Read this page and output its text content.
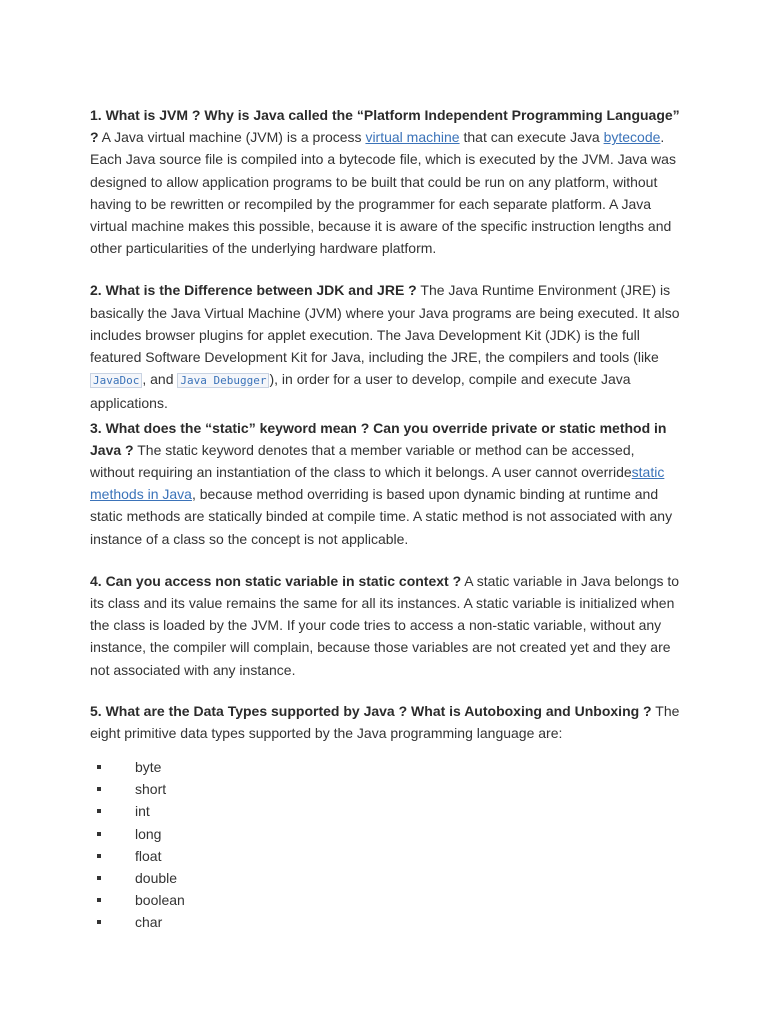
1. What is JVM ? Why is Java called the “Platform Independent Programming Language” ? A Java virtual machine (JVM) is a process virtual machine that can execute Java bytecode. Each Java source file is compiled into a bytecode file, which is executed by the JVM. Java was designed to allow application programs to be built that could be run on any platform, without having to be rewritten or recompiled by the programmer for each separate platform. A Java virtual machine makes this possible, because it is aware of the specific instruction lengths and other particularities of the underlying hardware platform.

2. What is the Difference between JDK and JRE ? The Java Runtime Environment (JRE) is basically the Java Virtual Machine (JVM) where your Java programs are being executed. It also includes browser plugins for applet execution. The Java Development Kit (JDK) is the full featured Software Development Kit for Java, including the JRE, the compilers and tools (like JavaDoc , and Java Debugger ), in order for a user to develop, compile and execute Java applications.

3. What does the “static” keyword mean ? Can you override private or static method in Java ? The static keyword denotes that a member variable or method can be accessed, without requiring an instantiation of the class to which it belongs. A user cannot overridestatic methods in Java, because method overriding is based upon dynamic binding at runtime and static methods are statically binded at compile time. A static method is not associated with any instance of a class so the concept is not applicable.

4. Can you access non static variable in static context ? A static variable in Java belongs to its class and its value remains the same for all its instances. A static variable is initialized when the class is loaded by the JVM. If your code tries to access a non-static variable, without any instance, the compiler will complain, because those variables are not created yet and they are not associated with any instance.

5. What are the Data Types supported by Java ? What is Autoboxing and Unboxing ? The eight primitive data types supported by the Java programming language are:

byte
short
int
long
float
double
boolean
char
